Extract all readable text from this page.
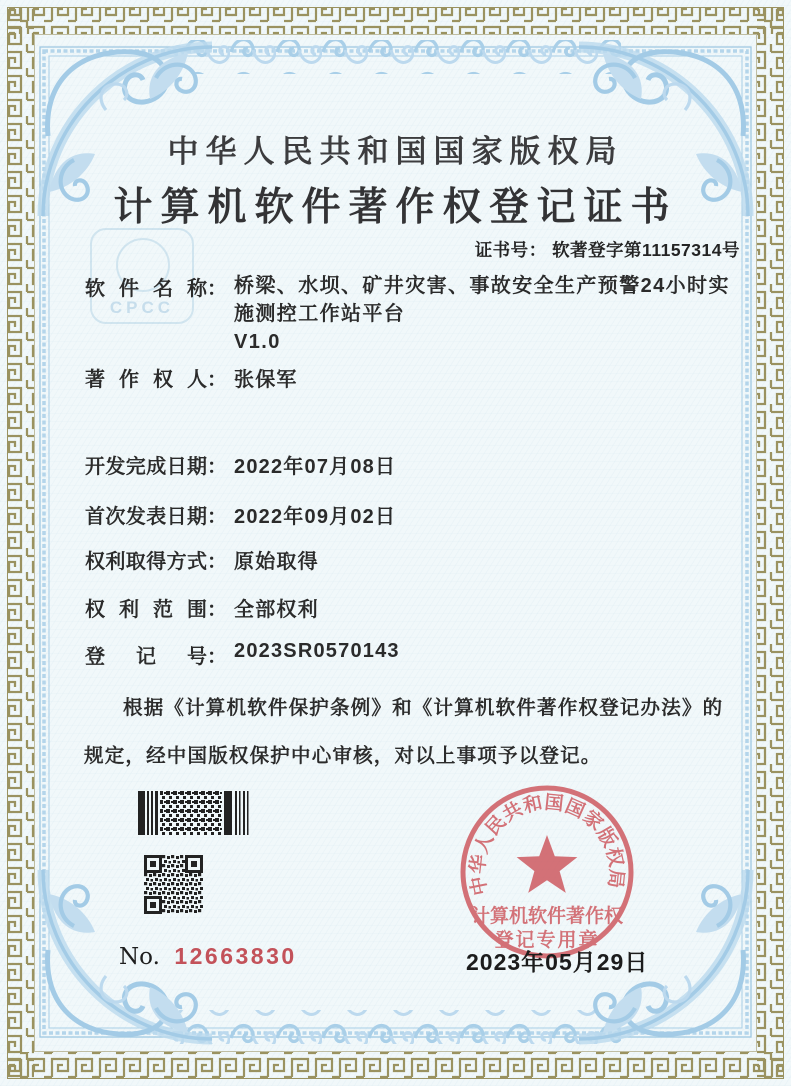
CPCC
中华人民共和国国家版权局
计算机软件著作权登记证书
证书号： 软著登字第11157314号
软件名称： 桥梁、水坝、矿井灾害、事故安全生产预警24小时实
施测控工作站平台
V1.0
著作权人： 张保军
开发完成日期： 2022年07月08日
首次发表日期： 2022年09月02日
权利取得方式： 原始取得
权利范围： 全部权利
登记号： 2023SR0570143
根据《计算机软件保护条例》和《计算机软件著作权登记办法》的规定，经中国版权保护中心审核，对以上事项予以登记。
No. 12663830
中华人民共和国国家版权局
计算机软件著作权
登记专用章
2023年05月29日
